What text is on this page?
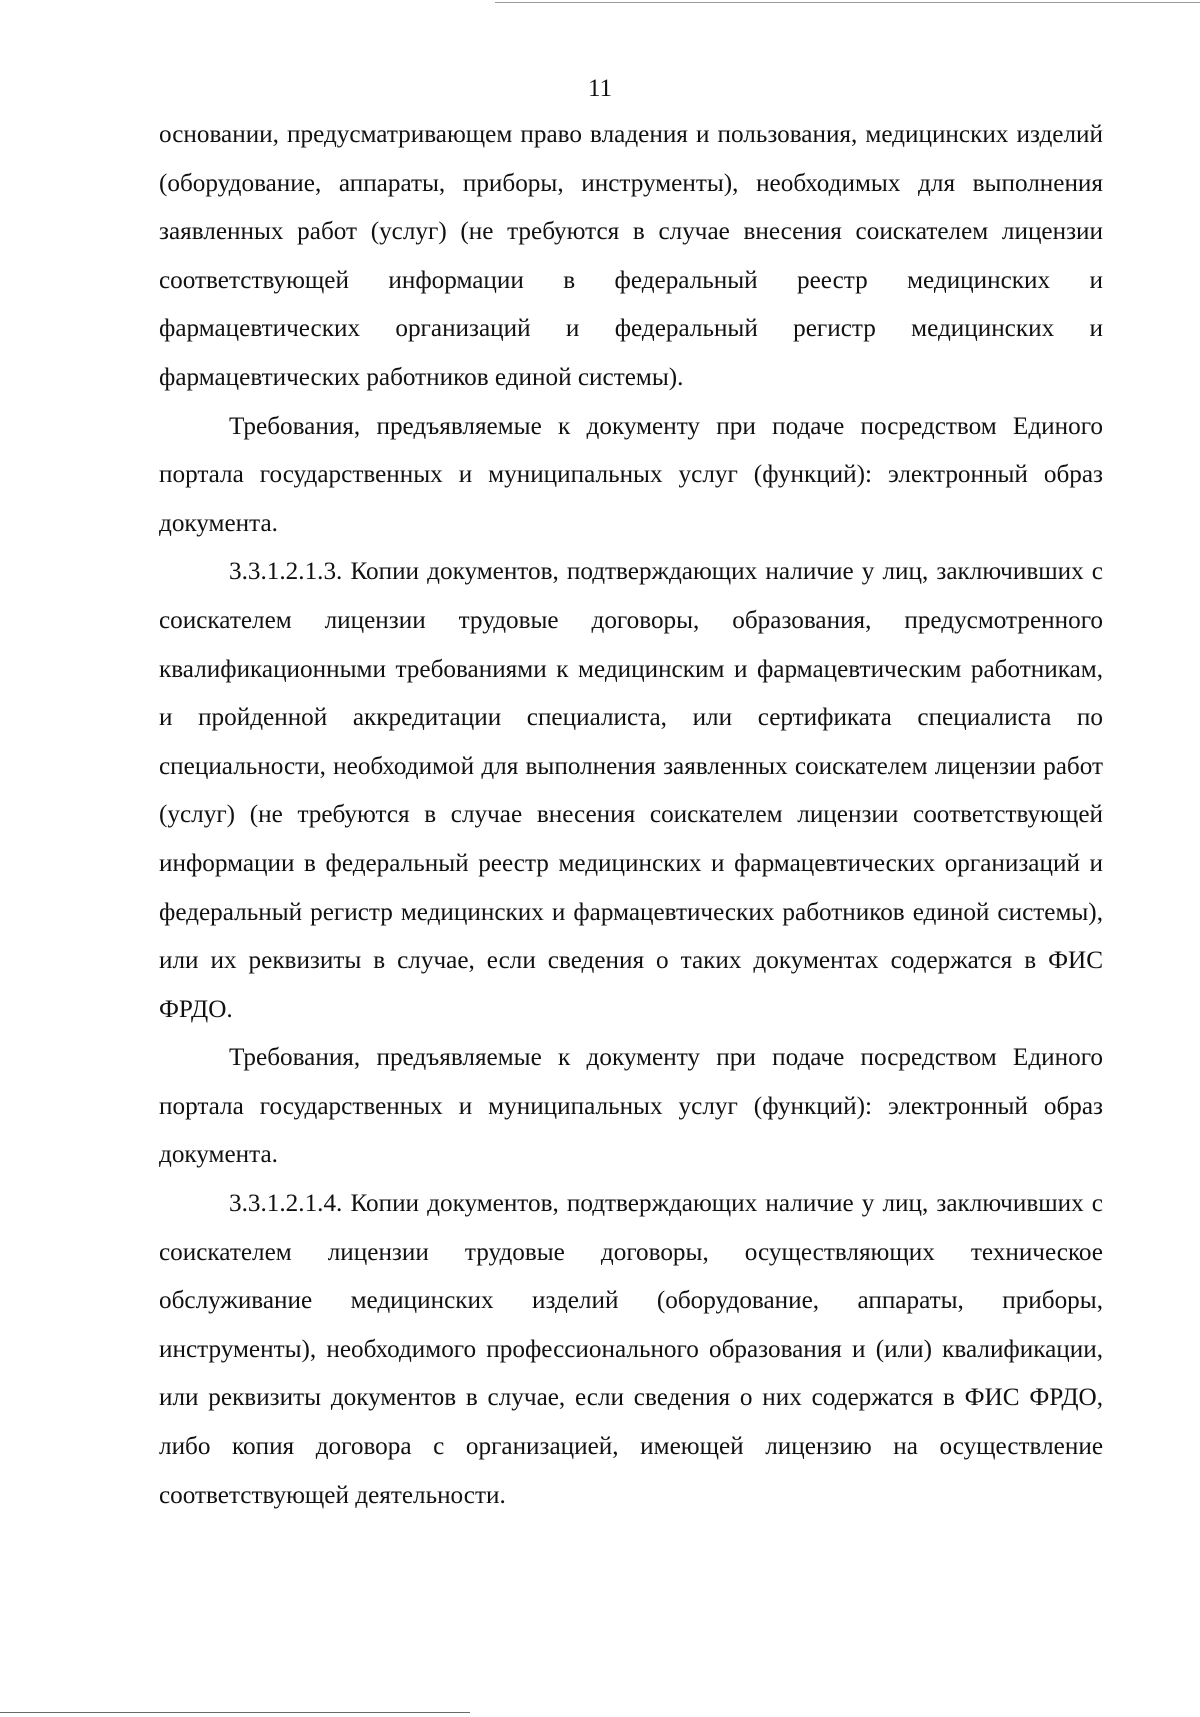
11

основании, предусматривающем право владения и пользования, медицинских изделий (оборудование, аппараты, приборы, инструменты), необходимых для выполнения заявленных работ (услуг) (не требуются в случае внесения соискателем лицензии соответствующей информации в федеральный реестр медицинских и фармацевтических организаций и федеральный регистр медицинских и фармацевтических работников единой системы).

Требования, предъявляемые к документу при подаче посредством Единого портала государственных и муниципальных услуг (функций): электронный образ документа.

3.3.1.2.1.3. Копии документов, подтверждающих наличие у лиц, заключивших с соискателем лицензии трудовые договоры, образования, предусмотренного квалификационными требованиями к медицинским и фармацевтическим работникам, и пройденной аккредитации специалиста, или сертификата специалиста по специальности, необходимой для выполнения заявленных соискателем лицензии работ (услуг) (не требуются в случае внесения соискателем лицензии соответствующей информации в федеральный реестр медицинских и фармацевтических организаций и федеральный регистр медицинских и фармацевтических работников единой системы), или их реквизиты в случае, если сведения о таких документах содержатся в ФИС ФРДО.

Требования, предъявляемые к документу при подаче посредством Единого портала государственных и муниципальных услуг (функций): электронный образ документа.

3.3.1.2.1.4. Копии документов, подтверждающих наличие у лиц, заключивших с соискателем лицензии трудовые договоры, осуществляющих техническое обслуживание медицинских изделий (оборудование, аппараты, приборы, инструменты), необходимого профессионального образования и (или) квалификации, или реквизиты документов в случае, если сведения о них содержатся в ФИС ФРДО, либо копия договора с организацией, имеющей лицензию на осуществление соответствующей деятельности.
